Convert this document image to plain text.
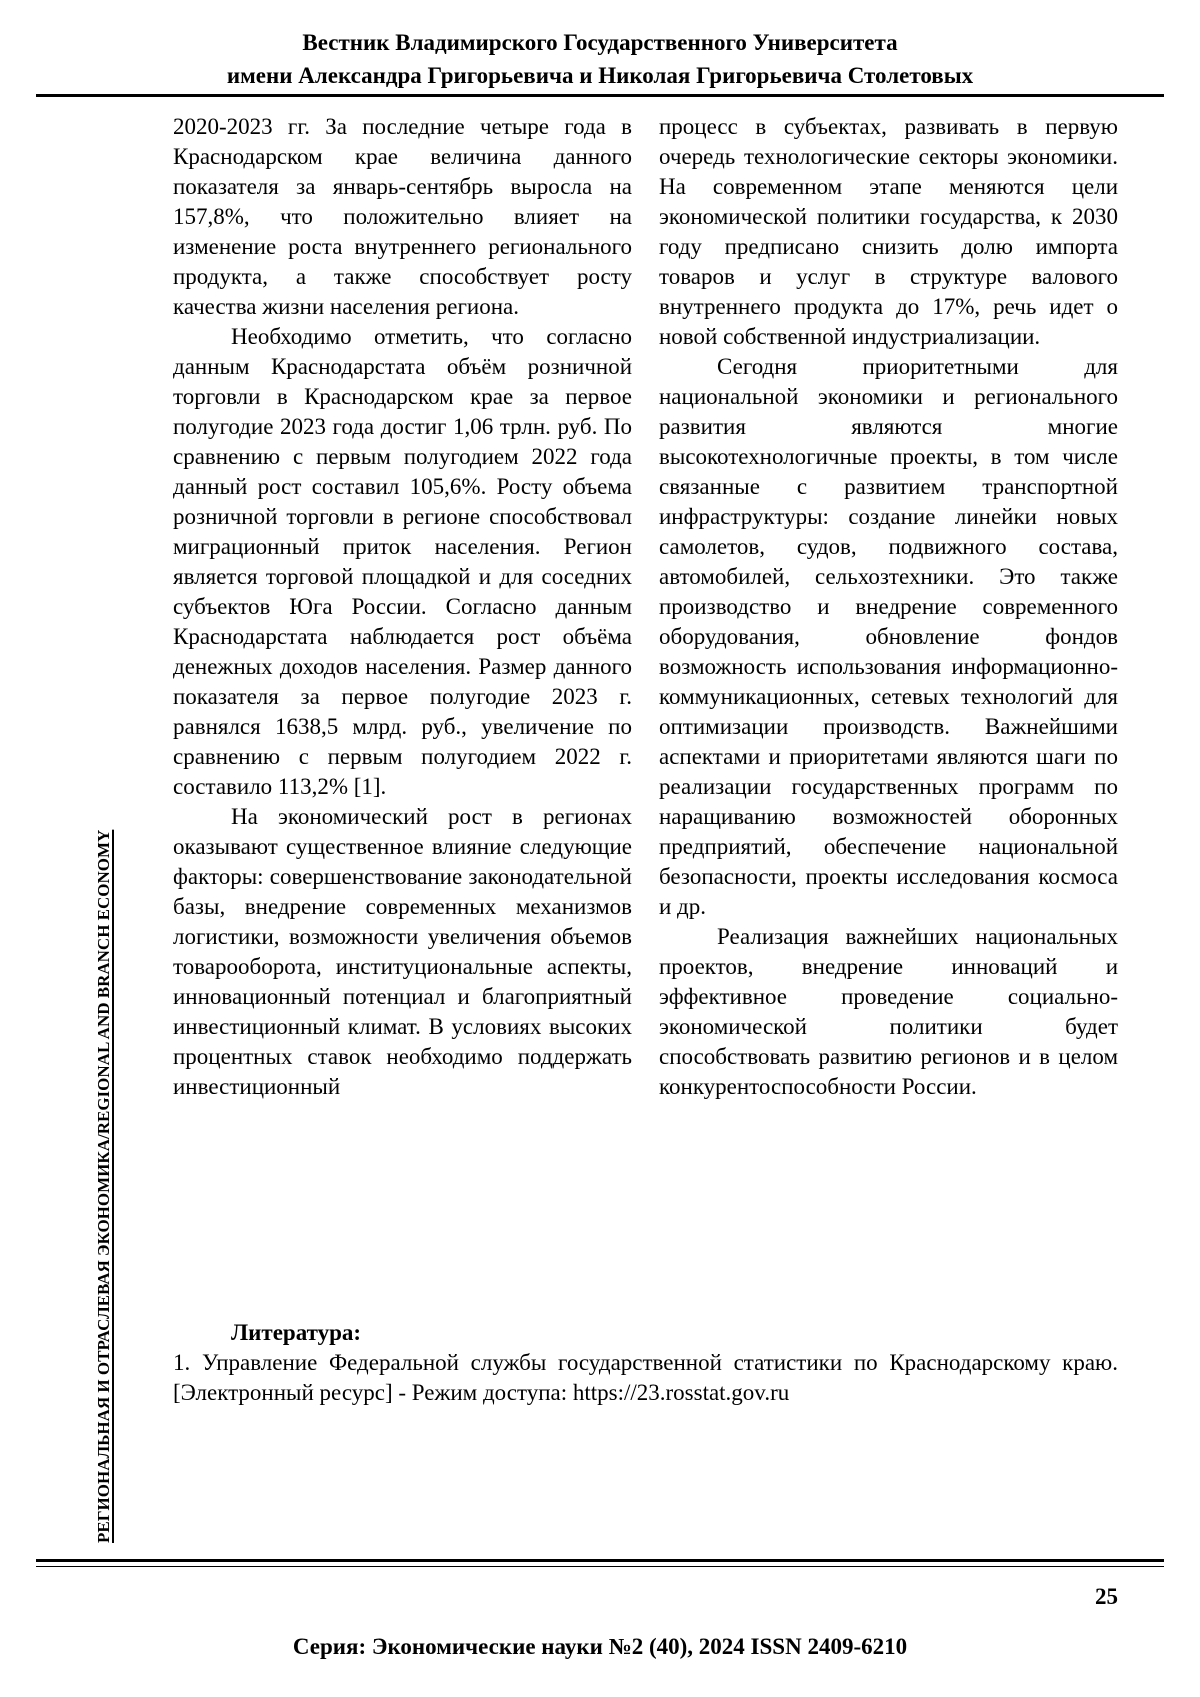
Вестник Владимирского Государственного Университета
имени Александра Григорьевича и Николая Григорьевича Столетовых
РЕГИОНАЛЬНАЯ И ОТРАСЛЕВАЯ ЭКОНОМИКА/REGIONAL AND BRANCH ECONOMY

2020-2023 гг. За последние четыре года в Краснодарском крае величина данного показателя за январь-сентябрь выросла на 157,8%, что положительно влияет на изменение роста внутреннего регионального продукта, а также способствует росту качества жизни населения региона.

Необходимо отметить, что согласно данным Краснодарстата объём розничной торговли в Краснодарском крае за первое полугодие 2023 года достиг 1,06 трлн. руб. По сравнению с первым полугодием 2022 года данный рост составил 105,6%. Росту объема розничной торговли в регионе способствовал миграционный приток населения. Регион является торговой площадкой и для соседних субъектов Юга России. Согласно данным Краснодарстата наблюдается рост объёма денежных доходов населения. Размер данного показателя за первое полугодие 2023 г. равнялся 1638,5 млрд. руб., увеличение по сравнению с первым полугодием 2022 г. составило 113,2% [1].

На экономический рост в регионах оказывают существенное влияние следующие факторы: совершенствование законодательной базы, внедрение современных механизмов логистики, возможности увеличения объемов товарооборота, институциональные аспекты, инновационный потенциал и благоприятный инвестиционный климат. В условиях высоких процентных ставок необходимо поддержать инвестиционный

процесс в субъектах, развивать в первую очередь технологические секторы экономики. На современном этапе меняются цели экономической политики государства, к 2030 году предписано снизить долю импорта товаров и услуг в структуре валового внутреннего продукта до 17%, речь идет о новой собственной индустриализации.

Сегодня приоритетными для национальной экономики и регионального развития являются многие высокотехнологичные проекты, в том числе связанные с развитием транспортной инфраструктуры: создание линейки новых самолетов, судов, подвижного состава, автомобилей, сельхозтехники. Это также производство и внедрение современного оборудования, обновление фондов возможность использования информационно-коммуникационных, сетевых технологий для оптимизации производств. Важнейшими аспектами и приоритетами являются шаги по реализации государственных программ по наращиванию возможностей оборонных предприятий, обеспечение национальной безопасности, проекты исследования космоса и др.

Реализация важнейших национальных проектов, внедрение инноваций и эффективное проведение социально-экономической политики будет способствовать развитию регионов и в целом конкурентоспособности России.

Литература:
1. Управление Федеральной службы государственной статистики по Краснодарскому краю. [Электронный ресурс] - Режим доступа: https://23.rosstat.gov.ru
25
Серия: Экономические науки №2 (40), 2024 ISSN 2409-6210
